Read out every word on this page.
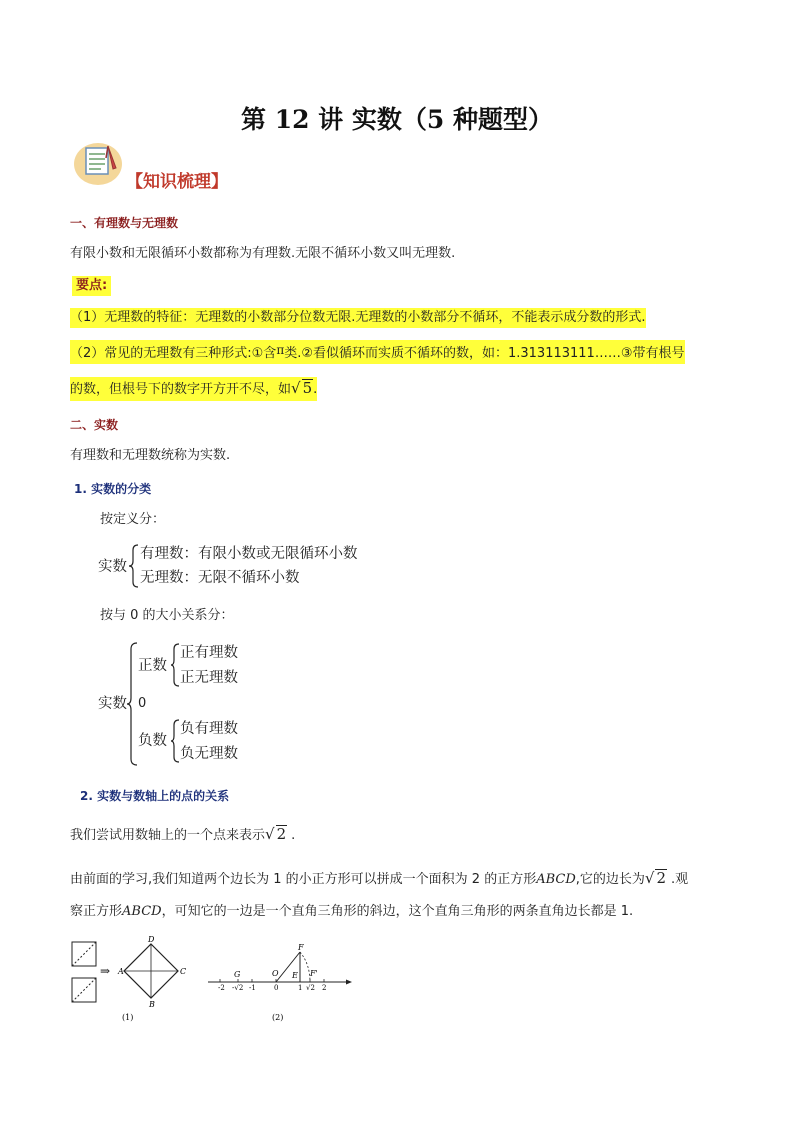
第 12 讲 实数（5 种题型）
【知识梳理】
一、有理数与无理数
有限小数和无限循环小数都称为有理数.无限不循环小数又叫无理数.
要点:
（1）无理数的特征：无理数的小数部分位数无限.无理数的小数部分不循环，不能表示成分数的形式.
（2）常见的无理数有三种形式:①含π类.②看似循环而实质不循环的数，如：1.313113111……③带有根号
的数，但根号下的数字开方开不尽，如√ 5.
二、实数
有理数和无理数统称为实数.
1. 实数的分类
按定义分：
实数
有理数：有限小数或无限循环小数
无理数：无限不循环小数
按与 0 的大小关系分：
实数
正数
正有理数
正无理数
0
负数
负有理数
负无理数
2. 实数与数轴上的点的关系
我们尝试用数轴上的一个点来表示√ 2 .
由前面的学习,我们知道两个边长为 1 的小正方形可以拼成一个面积为 2 的正方形ABCD,它的边长为√ 2 .观
察正方形ABCD，可知它的一边是一个直角三角形的斜边，这个直角三角形的两条直角边长都是 1.
⇒ A
B
C
D
(1)
-2 -√2 -1	0	1 √2 2
G	O E
F
F'
(2)
